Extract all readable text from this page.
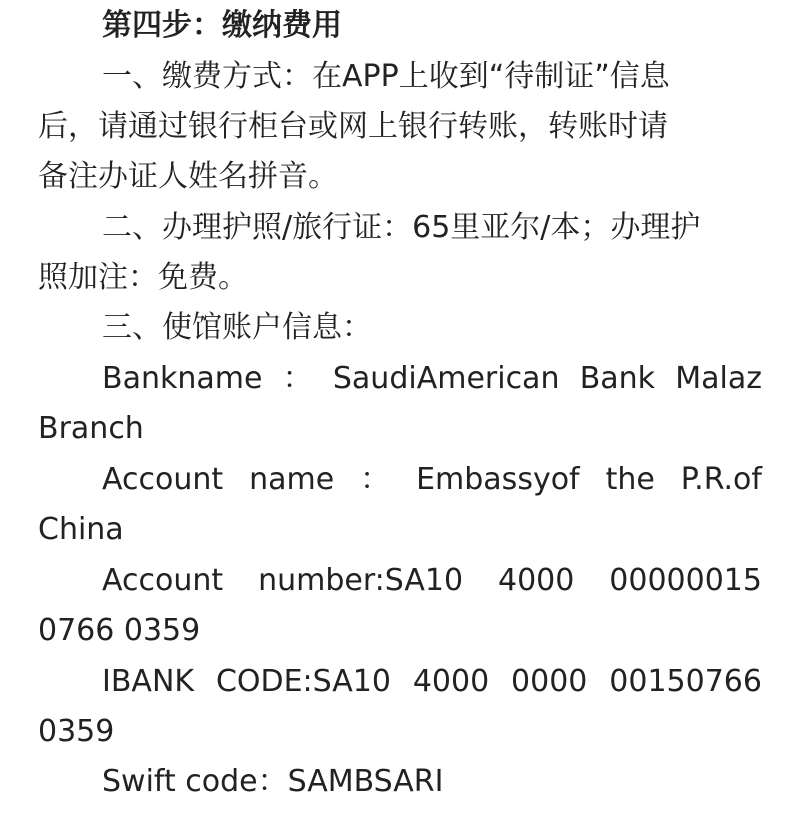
第四步：缴纳费用
一、缴费方式：在APP上收到“待制证”信息
后，请通过银行柜台或网上银行转账，转账时请
备注办证人姓名拼音。
二、办理护照/旅行证：65里亚尔/本；办理护
照加注：免费。
三、使馆账户信息：
Bankname ： SaudiAmerican Bank Malaz
Branch
Account name ： Embassyof the P.R.of
China
Account number:SA10 4000 00000015
0766 0359
IBANK CODE:SA10 4000 0000 00150766
0359
Swift code：SAMBSARI
